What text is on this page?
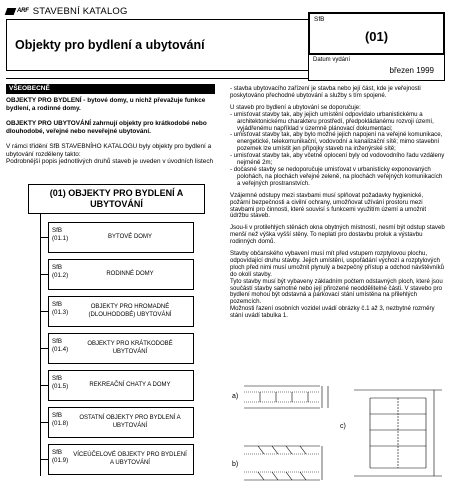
ARF STAVEBNÍ KATALOG
Objekty pro bydlení a ubytování
SfB
(01)
Datum vydání
březen 1999
VŠEOBECNĚ
OBJEKTY PRO BYDLENÍ - bytové domy, u nichž převažuje funkce bydlení, a rodinné domy.
OBJEKTY PRO UBYTOVÁNÍ zahrnují objekty pro krátkodobé nebo dlouhodobé, veřejné nebo neveřejné ubytování.
V rámci třídění SfB STAVEBNÍHO KATALOGU byly objekty pro bydlení a ubytování rozděleny takto:
Podrobnější popis jednotlivých druhů staveb je uveden v úvodních listech
(01) OBJEKTY PRO BYDLENÍ A UBYTOVÁNÍ
SfB
(01.1)	BYTOVÉ DOMY
SfB
(01.2)	RODINNÉ DOMY
SfB
(01.3)
OBJEKTY PRO HROMADNÉ (DLOUHODOBÉ) UBYTOVÁNÍ
SfB
(01.4)
OBJEKTY PRO KRÁTKODOBÉ UBYTOVÁNÍ
SfB
(01.5)	REKREAČNÍ CHATY A DOMY
SfB
(01.8)
OSTATNÍ OBJEKTY PRO BYDLENÍ A UBYTOVÁNÍ
SfB
(01.9)
VÍCEÚČELOVÉ OBJEKTY PRO BYDLENÍ A UBYTOVÁNÍ

- stavba ubytovacího zařízení je stavba nebo její část, kde je veřejnosti poskytováno přechodné ubytování a služby s tím spojené.

U staveb pro bydlení a ubytování se doporučuje:
- umisťovat stavby tak, aby jejich umístění odpovídalo urbanistickému a architektonickému charakteru prostředí, předpokládanému rozvoji území, vyjádřenému například v územně plánovací dokumentaci;
- umisťovat stavby tak, aby bylo možné jejich napojení na veřejné komunikace, energetické, telekomunikační, vodovodní a kanalizační sítě; mimo stavební pozemek lze umístit jen přípojky staveb na inženýrské sítě;
- umisťovat stavby tak, aby včetně oplocení byly od vodovodního řadu vzdáleny nejméně 2m;

- dočasné stavby se nedoporučuje umisťovat v urbanisticky exponovaných polohách, na plochách veřejné zeleně, na plochách veřejných komunikacích a veřejných prostranstvích.

Vzájemné odstupy mezi stavbami musí splňovat požadavky hygienické, požární bezpečnosti a civilní ochrany, umožňovat užívání prostoru mezi stavbami pro činnosti, které souvisí s funkcemi využitím území a umožnit údržbu staveb.

Jsou-li v protilehlých stěnách okna obytných místností, nesmí být odstup staveb menší než výška vyšší stěny. To neplatí pro dostavbu proluk a výstavbu rodinných domů.

Stavby občanského vybavení musí mít před vstupem rozptylovou plochu, odpovídající druhu stavby. Jejich umístění, uspořádání výchozí a rozptylových ploch před nimi musí umožnit plynulý a bezpečný přístup a odchod návštěvníků do okolí stavby.
Tyto stavby musí být vybaveny základním počtem odstavných ploch, které jsou součástí stavby samotné nebo její přirozené neoddělitelné části. V stavebo pro bydlení mohou být odstavná a parkovací stání umístěna na přilehlých pozemcích.
Možnosti řazení osobních vozidel uvádí obrázky č.1 až 3, nezbytné rozměry stání uvádí tabulka 1.
a)
b)
c)
